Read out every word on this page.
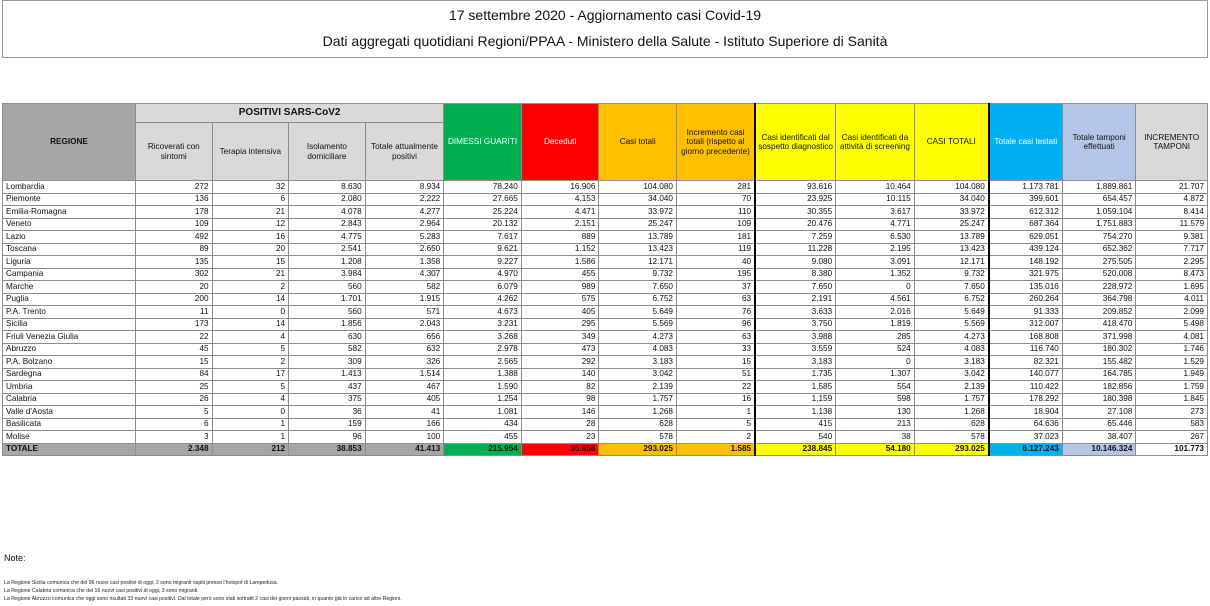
17 settembre 2020 - Aggiornamento casi Covid-19
Dati aggregati quotidiani Regioni/PPAA - Ministero della Salute - Istituto Superiore di Sanità
REGIONE	POSITIVI SARS-CoV2				DIMESSI GUARITI	Deceduti	Casi totali	Incremento casi totali (rispetto al giorno precedente)	Casi identificati dal sospetto diagnostico	Casi identificati da attività di screening	CASI TOTALI	Totale casi testati	Totale tamponi effettuati	INCREMENTO TAMPONI
	Ricoverati con sintomi	Terapia intensiva	Isolamento domiciliare	Totale attualmente positivi										
Lombardia	272	32	8.630	8.934	78.240	16.906	104.080	281	93.616	10.464	104.080	1.173.781	1.889.861	21.707
Piemonte	136	6	2.080	2.222	27.665	4.153	34.040	70	23.925	10.115	34.040	399.601	654.457	4.872
Emilia-Romagna	178	21	4.078	4.277	25.224	4.471	33.972	110	30.355	3.617	33.972	612.312	1.059.104	8.414
Veneto	109	12	2.843	2.964	20.132	2.151	25.247	109	20.476	4.771	25.247	687.364	1.751.883	11.579
Lazio	492	16	4.775	5.283	7.617	889	13.789	181	7.259	6.530	13.789	629.051	754.270	9.381
Toscana	89	20	2.541	2.650	9.621	1.152	13.423	119	11.228	2.195	13.423	439.124	652.362	7.717
Liguria	135	15	1.208	1.358	9.227	1.586	12.171	40	9.080	3.091	12.171	148.192	275.505	2.295
Campania	302	21	3.984	4.307	4.970	455	9.732	195	8.380	1.352	9.732	321.975	520.008	8.473
Marche	20	2	560	582	6.079	989	7.650	37	7.650	0	7.650	135.016	228.972	1.695
Puglia	200	14	1.701	1.915	4.262	575	6.752	63	2.191	4.561	6.752	260.264	364.798	4.011
P.A. Trento	11	0	560	571	4.673	405	5.649	76	3.633	2.016	5.649	91.333	209.852	2.099
Sicilia	173	14	1.856	2.043	3.231	295	5.569	96	3.750	1.819	5.569	312.007	418.470	5.498
Friuli Venezia Giulia	22	4	630	656	3.268	349	4.273	63	3.988	285	4.273	168.808	371.998	4.081
Abruzzo	45	5	582	632	2.978	473	4.083	33	3.559	524	4.083	116.740	180.302	1.746
P.A. Bolzano	15	2	309	326	2.565	292	3.183	15	3.183	0	3.183	82.321	155.482	1.529
Sardegna	84	17	1.413	1.514	1.388	140	3.042	51	1.735	1.307	3.042	140.077	164.785	1.949
Umbria	25	5	437	467	1.590	82	2.139	22	1.585	554	2.139	110.422	182.856	1.759
Calabria	26	4	375	405	1.254	98	1.757	16	1.159	598	1.757	178.292	180.398	1.845
Valle d'Aosta	5	0	36	41	1.081	146	1.268	1	1.138	130	1.268	18.904	27.108	273
Basilicata	6	1	159	166	434	28	628	5	415	213	628	64.636	65.446	583
Molise	3	1	96	100	455	23	578	2	540	38	578	37.023	38.407	267
TOTALE	2.348	212	38.853	41.413	215.954	35.658	293.025	1.585	238.845	54.180	293.025	6.127.243	10.146.324	101.773
Note:
La Regione Sicilia comunica che dei 96 nuovi casi positivi di oggi, 2 sono migranti ospiti presso l'hotspot di Lampedusa.
La Regione Calabria comunica che dei 16 nuovi casi positivi di oggi, 3 sono migranti.
La Regione Abruzzo comunica che oggi sono risultati 33 nuovi casi positivi. Dal totale però sono stati sottratti 2 casi dei giorni passati, in quanto già in carico ad altre Regioni.
